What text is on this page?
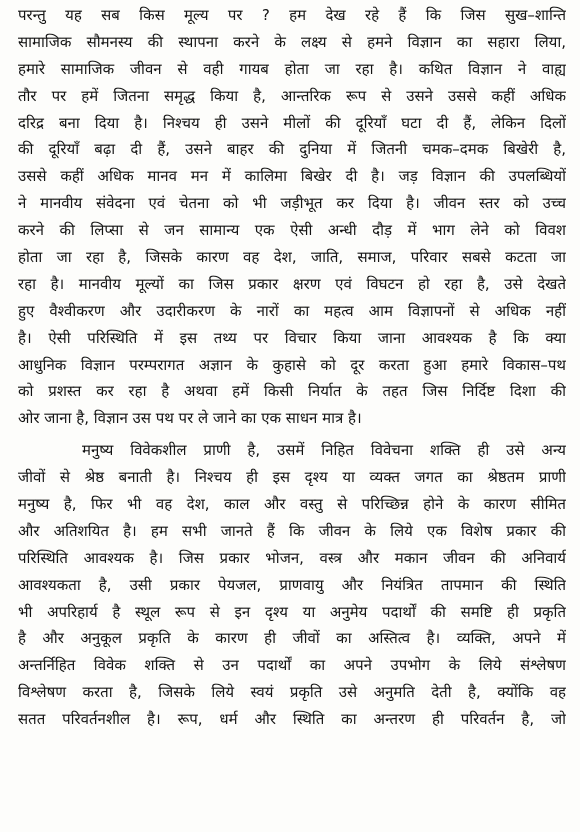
परन्तु यह सब किस मूल्य पर ? हम देख रहे हैं कि जिस सुख–शान्ति
सामाजिक सौमनस्य की स्थापना करने के लक्ष्य से हमने विज्ञान का सहारा लिया,
हमारे सामाजिक जीवन से वही गायब होता जा रहा है। कथित विज्ञान ने वाह्य
तौर पर हमें जितना समृद्ध किया है, आन्तरिक रूप से उसने उससे कहीं अधिक
दरिद्र बना दिया है। निश्चय ही उसने मीलों की दूरियाँ घटा दी हैं, लेकिन दिलों
की दूरियाँ बढ़ा दी हैं, उसने बाहर की दुनिया में जितनी चमक–दमक बिखेरी है,
उससे कहीं अधिक मानव मन में कालिमा बिखेर दी है। जड़ विज्ञान की उपलब्धियों
ने मानवीय संवेदना एवं चेतना को भी जड़ीभूत कर दिया है। जीवन स्तर को उच्च
करने की लिप्सा से जन सामान्य एक ऐसी अन्धी दौड़ में भाग लेने को विवश
होता जा रहा है, जिसके कारण वह देश, जाति, समाज, परिवार सबसे कटता जा
रहा है। मानवीय मूल्यों का जिस प्रकार क्षरण एवं विघटन हो रहा है, उसे देखते
हुए वैश्वीकरण और उदारीकरण के नारों का महत्व आम विज्ञापनों से अधिक नहीं
है। ऐसी परिस्थिति में इस तथ्य पर विचार किया जाना आवश्यक है कि क्या
आधुनिक विज्ञान परम्परागत अज्ञान के कुहासे को दूर करता हुआ हमारे विकास–पथ
को प्रशस्त कर रहा है अथवा हमें किसी निर्यात के तहत जिस निर्दिष्ट दिशा की
ओर जाना है, विज्ञान उस पथ पर ले जाने का एक साधन मात्र है।
मनुष्य विवेकशील प्राणी है, उसमें निहित विवेचना शक्ति ही उसे अन्य
जीवों से श्रेष्ठ बनाती है। निश्चय ही इस दृश्य या व्यक्त जगत का श्रेष्ठतम प्राणी
मनुष्य है, फिर भी वह देश, काल और वस्तु से परिच्छिन्न होने के कारण सीमित
और अतिशयित है। हम सभी जानते हैं कि जीवन के लिये एक विशेष प्रकार की
परिस्थिति आवश्यक है। जिस प्रकार भोजन, वस्त्र और मकान जीवन की अनिवार्य
आवश्यकता है, उसी प्रकार पेयजल, प्राणवायु और नियंत्रित तापमान की स्थिति
भी अपरिहार्य है स्थूल रूप से इन दृश्य या अनुमेय पदार्थों की समष्टि ही प्रकृति
है और अनुकूल प्रकृति के कारण ही जीवों का अस्तित्व है। व्यक्ति, अपने में
अन्तर्निहित विवेक शक्ति से उन पदार्थों का अपने उपभोग के लिये संश्लेषण
विश्लेषण करता है, जिसके लिये स्वयं प्रकृति उसे अनुमति देती है, क्योंकि वह
सतत परिवर्तनशील है। रूप, धर्म और स्थिति का अन्तरण ही परिवर्तन है, जो
